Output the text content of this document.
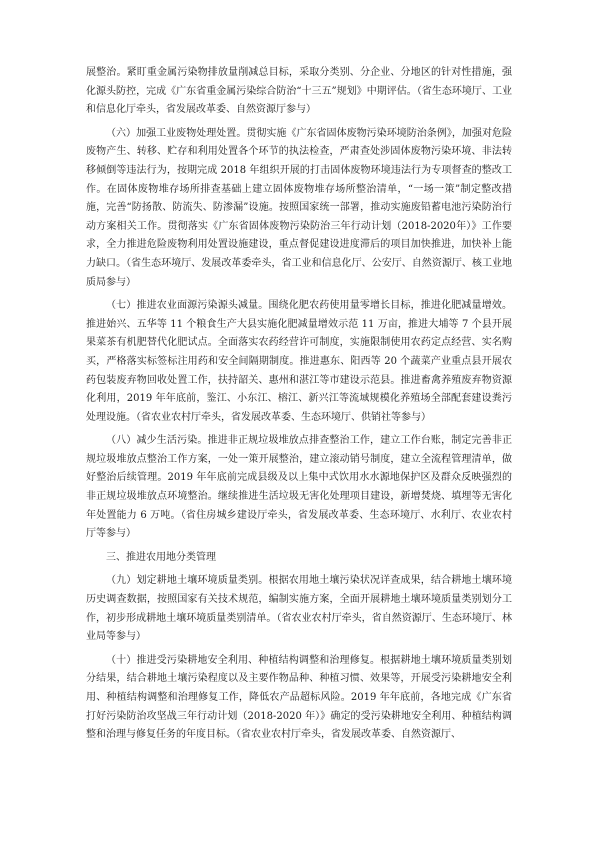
展整治。紧盯重金属污染物排放量削减总目标，采取分类别、分企业、分地区的针对性措施，强化源头防控，完成《广东省重金属污染综合防治“十三五”规划》中期评估。（省生态环境厅、工业和信息化厅牵头，省发展改革委、自然资源厅参与）

（六）加强工业废物处理处置。贯彻实施《广东省固体废物污染环境防治条例》，加强对危险废物产生、转移、贮存和利用处置各个环节的执法检查，严肃查处涉固体废物污染环境、非法转移倾倒等违法行为，按期完成 2018 年组织开展的打击固体废物环境违法行为专项督查的整改工作。在固体废物堆存场所排查基础上建立固体废物堆存场所整治清单，“一场一策”制定整改措施，完善“防扬散、防流失、防渗漏”设施。按照国家统一部署，推动实施废铅蓄电池污染防治行动方案相关工作。贯彻落实《广东省固体废物污染防治三年行动计划（2018-2020年）》工作要求，全力推进危险废物利用处置设施建设，重点督促建设进度滞后的项目加快推进，加快补上能力缺口。（省生态环境厅、发展改革委牵头，省工业和信息化厅、公安厅、自然资源厅、核工业地质局参与）

（七）推进农业面源污染源头减量。围绕化肥农药使用量零增长目标，推进化肥减量增效。推进始兴、五华等 11 个粮食生产大县实施化肥减量增效示范 11 万亩，推进大埔等 7 个县开展果菜茶有机肥替代化肥试点。全面落实农药经营许可制度，实施限制使用农药定点经营、实名购买，严格落实标签标注用药和安全间隔期制度。推进惠东、阳西等 20 个蔬菜产业重点县开展农药包装废弃物回收处置工作，扶持韶关、惠州和湛江等市建设示范县。推进畜禽养殖废弃物资源化利用，2019 年年底前，鉴江、小东江、榕江、新兴江等流域规模化养殖场全部配套建设粪污处理设施。（省农业农村厅牵头，省发展改革委、生态环境厅、供销社等参与）

（八）减少生活污染。推进非正规垃圾堆放点排查整治工作，建立工作台账，制定完善非正规垃圾堆放点整治工作方案，一处一策开展整治，建立滚动销号制度，建立全流程管理清单，做好整治后续管理。2019 年年底前完成县级及以上集中式饮用水水源地保护区及群众反映强烈的非正规垃圾堆放点环境整治。继续推进生活垃圾无害化处理项目建设，新增焚烧、填埋等无害化年处置能力 6 万吨。（省住房城乡建设厅牵头，省发展改革委、生态环境厅、水利厅、农业农村厅等参与）

三、推进农用地分类管理

（九）划定耕地土壤环境质量类别。根据农用地土壤污染状况详查成果，结合耕地土壤环境历史调查数据，按照国家有关技术规范，编制实施方案，全面开展耕地土壤环境质量类别划分工作，初步形成耕地土壤环境质量类别清单。（省农业农村厅牵头，省自然资源厅、生态环境厅、林业局等参与）

（十）推进受污染耕地安全利用、种植结构调整和治理修复。根据耕地土壤环境质量类别划分结果，结合耕地土壤污染程度以及主要作物品种、种植习惯、效果等，开展受污染耕地安全利用、种植结构调整和治理修复工作，降低农产品超标风险。2019 年年底前，各地完成《广东省打好污染防治攻坚战三年行动计划（2018-2020 年）》确定的受污染耕地安全利用、种植结构调整和治理与修复任务的年度目标。（省农业农村厅牵头，省发展改革委、自然资源厅、
